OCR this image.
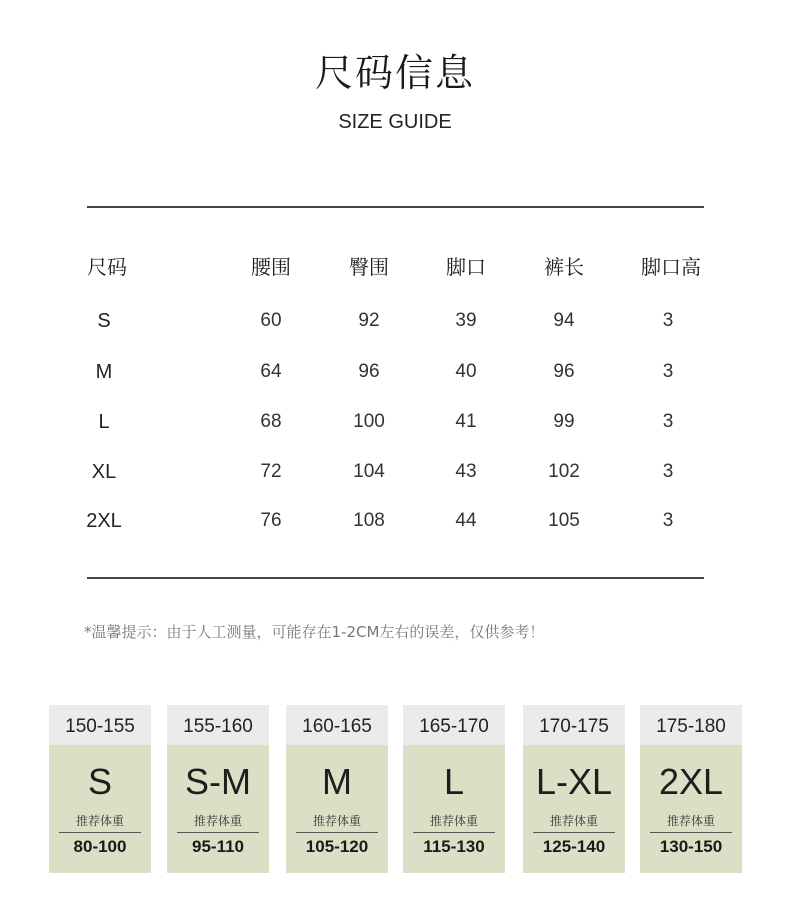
尺码信息
SIZE GUIDE
尺码	腰围	臀围	脚口	裤长	脚口高
S	60	92	39	94	3
M	64	96	40	96	3
L	68	100	41	99	3
XL	72	104	43	102	3
2XL	76	108	44	105	3
*温馨提示：由于人工测量，可能存在1-2CM左右的误差，仅供参考！
150-155
S
推荐体重
80-100
155-160
S-M
推荐体重
95-110
160-165
M
推荐体重
105-120
165-170
L
推荐体重
115-130
170-175
L-XL
推荐体重
125-140
175-180
2XL
推荐体重
130-150
